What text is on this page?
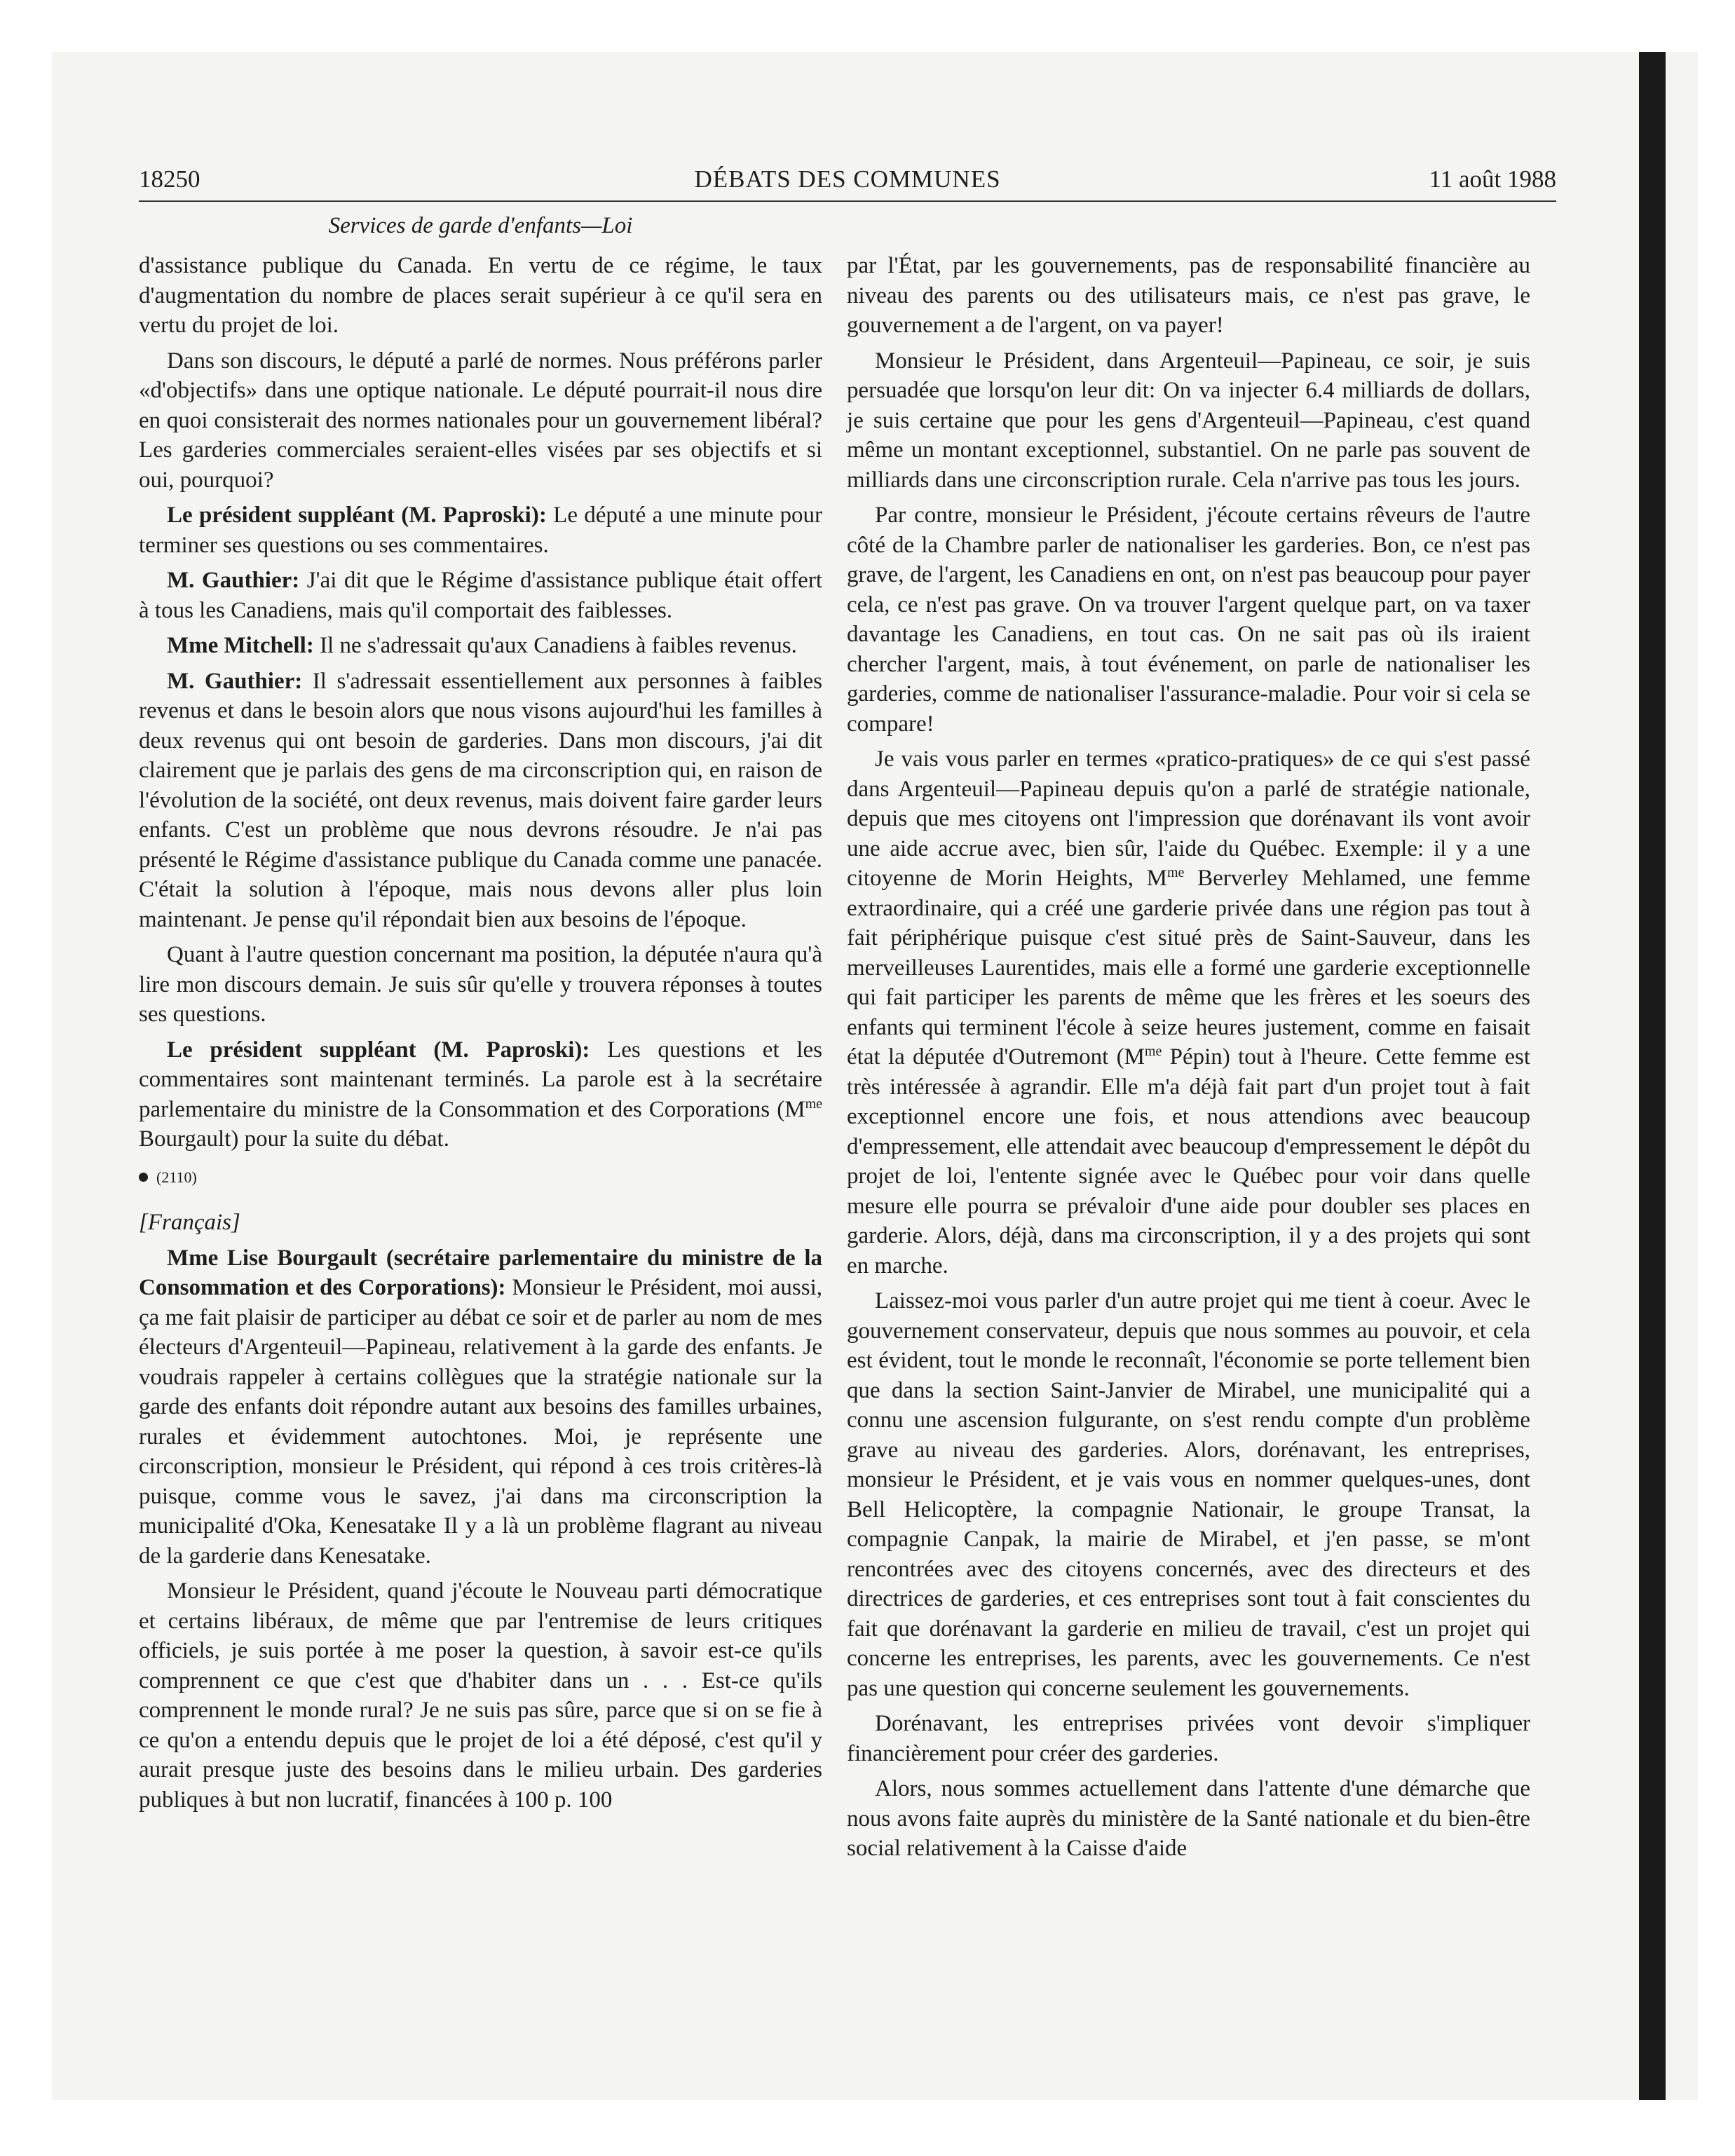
18250	DÉBATS DES COMMUNES	11 août 1988
Services de garde d'enfants—Loi

d'assistance publique du Canada. En vertu de ce régime, le taux d'augmentation du nombre de places serait supérieur à ce qu'il sera en vertu du projet de loi.

Dans son discours, le député a parlé de normes. Nous préférons parler «d'objectifs» dans une optique nationale. Le député pourrait-il nous dire en quoi consisterait des normes nationales pour un gouvernement libéral? Les garderies commerciales seraient-elles visées par ses objectifs et si oui, pourquoi?

Le président suppléant (M. Paproski): Le député a une minute pour terminer ses questions ou ses commentaires.

M. Gauthier: J'ai dit que le Régime d'assistance publique était offert à tous les Canadiens, mais qu'il comportait des faiblesses.

Mme Mitchell: Il ne s'adressait qu'aux Canadiens à faibles revenus.

M. Gauthier: Il s'adressait essentiellement aux personnes à faibles revenus et dans le besoin alors que nous visons aujourd'hui les familles à deux revenus qui ont besoin de garderies. Dans mon discours, j'ai dit clairement que je parlais des gens de ma circonscription qui, en raison de l'évolution de la société, ont deux revenus, mais doivent faire garder leurs enfants. C'est un problème que nous devrons résoudre. Je n'ai pas présenté le Régime d'assistance publique du Canada comme une panacée. C'était la solution à l'époque, mais nous devons aller plus loin maintenant. Je pense qu'il répondait bien aux besoins de l'époque.

Quant à l'autre question concernant ma position, la députée n'aura qu'à lire mon discours demain. Je suis sûr qu'elle y trouvera réponses à toutes ses questions.

Le président suppléant (M. Paproski): Les questions et les commentaires sont maintenant terminés. La parole est à la secrétaire parlementaire du ministre de la Consommation et des Corporations ($M^{me}$ Bourgault) pour la suite du débat.

(2110)
[Français]

Mme Lise Bourgault (secrétaire parlementaire du ministre de la Consommation et des Corporations): Monsieur le Président, moi aussi, ça me fait plaisir de participer au débat ce soir et de parler au nom de mes électeurs d'Argenteuil—Papineau, relativement à la garde des enfants. Je voudrais rappeler à certains collègues que la stratégie nationale sur la garde des enfants doit répondre autant aux besoins des familles urbaines, rurales et évidemment autochtones. Moi, je représente une circonscription, monsieur le Président, qui répond à ces trois critères-là puisque, comme vous le savez, j'ai dans ma circonscription la municipalité d'Oka, Kenesatake Il y a là un problème flagrant au niveau de la garderie dans Kenesatake.

Monsieur le Président, quand j'écoute le Nouveau parti démocratique et certains libéraux, de même que par l'entremise de leurs critiques officiels, je suis portée à me poser la question, à savoir est-ce qu'ils comprennent ce que c'est que d'habiter dans un . . . Est-ce qu'ils comprennent le monde rural? Je ne suis pas sûre, parce que si on se fie à ce qu'on a entendu depuis que le projet de loi a été déposé, c'est qu'il y aurait presque juste des besoins dans le milieu urbain. Des garderies publiques à but non lucratif, financées à 100 p. 100

par l'État, par les gouvernements, pas de responsabilité financière au niveau des parents ou des utilisateurs mais, ce n'est pas grave, le gouvernement a de l'argent, on va payer!

Monsieur le Président, dans Argenteuil—Papineau, ce soir, je suis persuadée que lorsqu'on leur dit: On va injecter 6.4 milliards de dollars, je suis certaine que pour les gens d'Argenteuil—Papineau, c'est quand même un montant exceptionnel, substantiel. On ne parle pas souvent de milliards dans une circonscription rurale. Cela n'arrive pas tous les jours.

Par contre, monsieur le Président, j'écoute certains rêveurs de l'autre côté de la Chambre parler de nationaliser les garderies. Bon, ce n'est pas grave, de l'argent, les Canadiens en ont, on n'est pas beaucoup pour payer cela, ce n'est pas grave. On va trouver l'argent quelque part, on va taxer davantage les Canadiens, en tout cas. On ne sait pas où ils iraient chercher l'argent, mais, à tout événement, on parle de nationaliser les garderies, comme de nationaliser l'assurance-maladie. Pour voir si cela se compare!

Je vais vous parler en termes «pratico-pratiques» de ce qui s'est passé dans Argenteuil—Papineau depuis qu'on a parlé de stratégie nationale, depuis que mes citoyens ont l'impression que dorénavant ils vont avoir une aide accrue avec, bien sûr, l'aide du Québec. Exemple: il y a une citoyenne de Morin Heights, $M^{me}$ Berverley Mehlamed, une femme extraordinaire, qui a créé une garderie privée dans une région pas tout à fait périphérique puisque c'est situé près de Saint-Sauveur, dans les merveilleuses Laurentides, mais elle a formé une garderie exceptionnelle qui fait participer les parents de même que les frères et les soeurs des enfants qui terminent l'école à seize heures justement, comme en faisait état la députée d'Outremont ($M^{me}$ Pépin) tout à l'heure. Cette femme est très intéressée à agrandir. Elle m'a déjà fait part d'un projet tout à fait exceptionnel encore une fois, et nous attendions avec beaucoup d'empressement, elle attendait avec beaucoup d'empressement le dépôt du projet de loi, l'entente signée avec le Québec pour voir dans quelle mesure elle pourra se prévaloir d'une aide pour doubler ses places en garderie. Alors, déjà, dans ma circonscription, il y a des projets qui sont en marche.

Laissez-moi vous parler d'un autre projet qui me tient à coeur. Avec le gouvernement conservateur, depuis que nous sommes au pouvoir, et cela est évident, tout le monde le reconnaît, l'économie se porte tellement bien que dans la section Saint-Janvier de Mirabel, une municipalité qui a connu une ascension fulgurante, on s'est rendu compte d'un problème grave au niveau des garderies. Alors, dorénavant, les entreprises, monsieur le Président, et je vais vous en nommer quelques-unes, dont Bell Helicoptère, la compagnie Nationair, le groupe Transat, la compagnie Canpak, la mairie de Mirabel, et j'en passe, se m'ont rencontrées avec des citoyens concernés, avec des directeurs et des directrices de garderies, et ces entreprises sont tout à fait conscientes du fait que dorénavant la garderie en milieu de travail, c'est un projet qui concerne les entreprises, les parents, avec les gouvernements. Ce n'est pas une question qui concerne seulement les gouvernements.

Dorénavant, les entreprises privées vont devoir s'impliquer financièrement pour créer des garderies.

Alors, nous sommes actuellement dans l'attente d'une démarche que nous avons faite auprès du ministère de la Santé nationale et du bien-être social relativement à la Caisse d'aide
